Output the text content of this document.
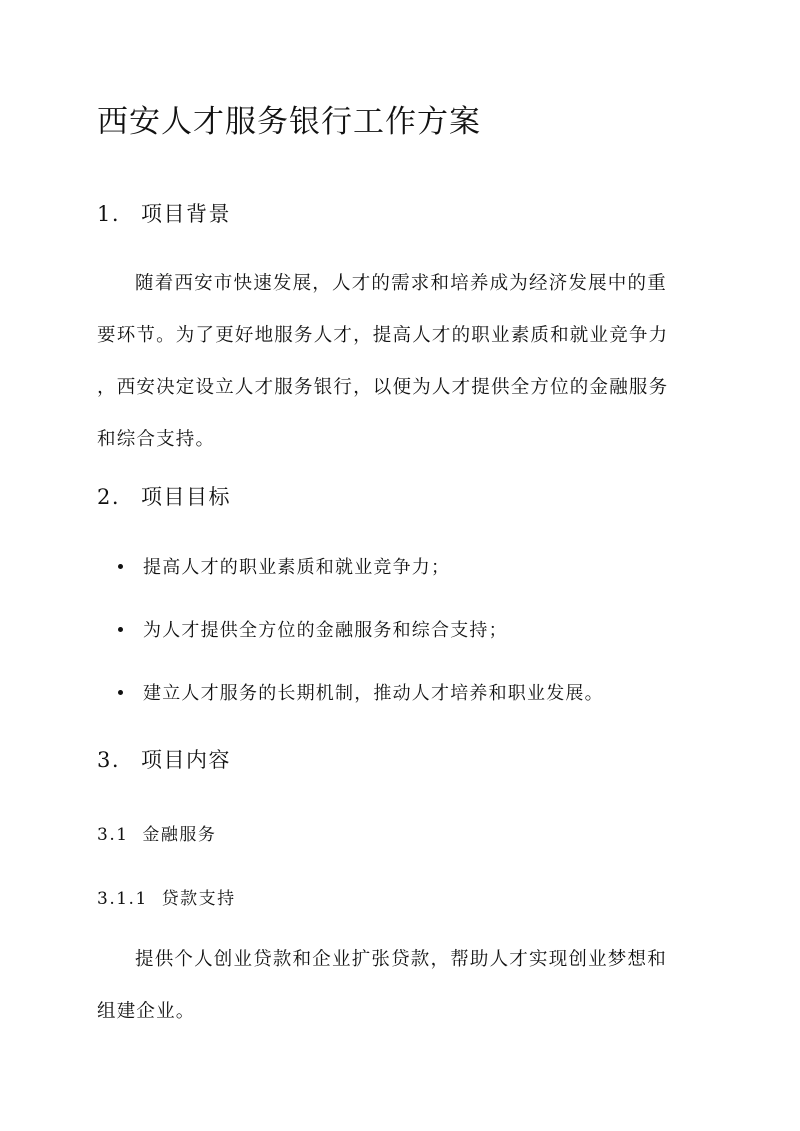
西安人才服务银行工作方案
1. 项目背景
随着西安市快速发展，人才的需求和培养成为经济发展中的重
要环节。为了更好地服务人才，提高人才的职业素质和就业竞争力
，西安决定设立人才服务银行，以便为人才提供全方位的金融服务
和综合支持。
2. 项目目标
提高人才的职业素质和就业竞争力；
为人才提供全方位的金融服务和综合支持；
建立人才服务的长期机制，推动人才培养和职业发展。
3. 项目内容
3.1 金融服务
3.1.1 贷款支持
提供个人创业贷款和企业扩张贷款，帮助人才实现创业梦想和
组建企业。
